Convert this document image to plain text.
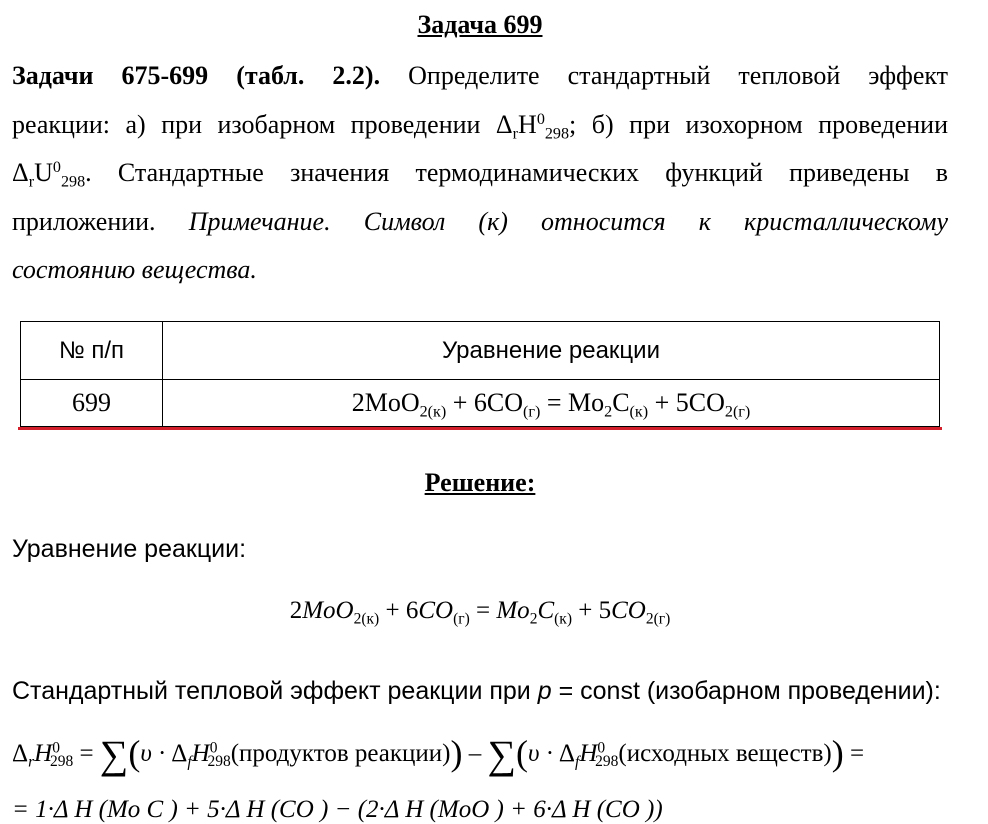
Задача 699
Задачи 675-699 (табл. 2.2). Определите стандартный тепловой эффект
реакции: а) при изобарном проведении $\Delta_rH^0_{298}$; б) при изохорном проведении
$\Delta_rU^0_{298}$. Стандартные значения термодинамических функций приведены в
приложении. Примечание. Символ (к) относится к кристаллическому
состоянию вещества.
№ п/п	Уравнение реакции
699	$2MoO_{2(к)} + 6CO_{(г)} = Mo_2C_{(к)} + 5CO_{2(г)}$
Решение:
Уравнение реакции:
$2MoO_{2(к)} + 6CO_{(г)} = Mo_2C_{(к)} + 5CO_{2(г)}$
Стандартный тепловой эффект реакции при p = const (изобарном проведении):
$\Delta_rH^0_{298} = \sum(\upsilon$ · $\Delta_fH^0_{298}(продуктов$ реакции)) – $\sum(\upsilon \cdot \Delta_fH^0_{298}(исходных$ веществ)) =
= 1·Δ H (Mo C ) + 5·Δ H (CO ) − (2·Δ H (MoO ) + 6·Δ H (CO ))
